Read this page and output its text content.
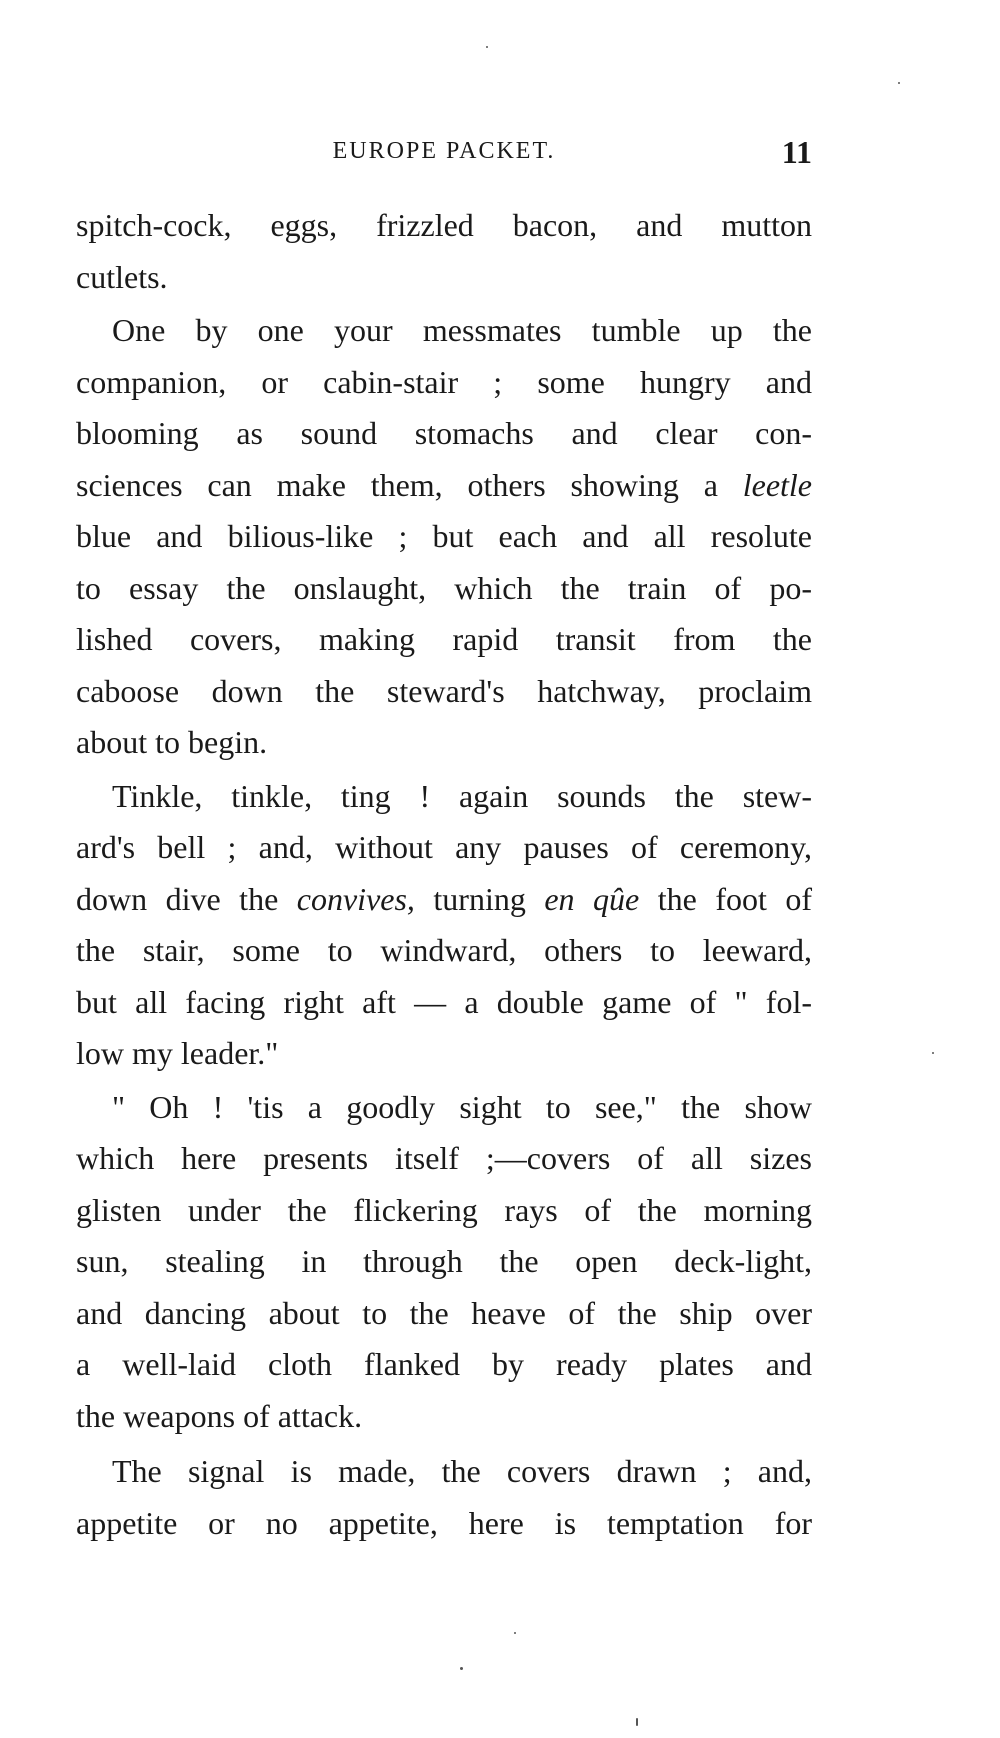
EUROPE PACKET.	11
spitch-cock, eggs, frizzled bacon, and mutton
cutlets.
One by one your messmates tumble up the
companion, or cabin-stair ; some hungry and
blooming as sound stomachs and clear con-
sciences can make them, others showing a leetle
blue and bilious-like ; but each and all resolute
to essay the onslaught, which the train of po-
lished covers, making rapid transit from the
caboose down the steward's hatchway, proclaim
about to begin.
Tinkle, tinkle, ting ! again sounds the stew-
ard's bell ; and, without any pauses of ceremony,
down dive the convives, turning en qûe the foot of
the stair, some to windward, others to leeward,
but all facing right aft — a double game of " fol-
low my leader."
" Oh ! 'tis a goodly sight to see," the show
which here presents itself ;—covers of all sizes
glisten under the flickering rays of the morning
sun, stealing in through the open deck-light,
and dancing about to the heave of the ship over
a well-laid cloth flanked by ready plates and
the weapons of attack.
The signal is made, the covers drawn ; and,
appetite or no appetite, here is temptation for
